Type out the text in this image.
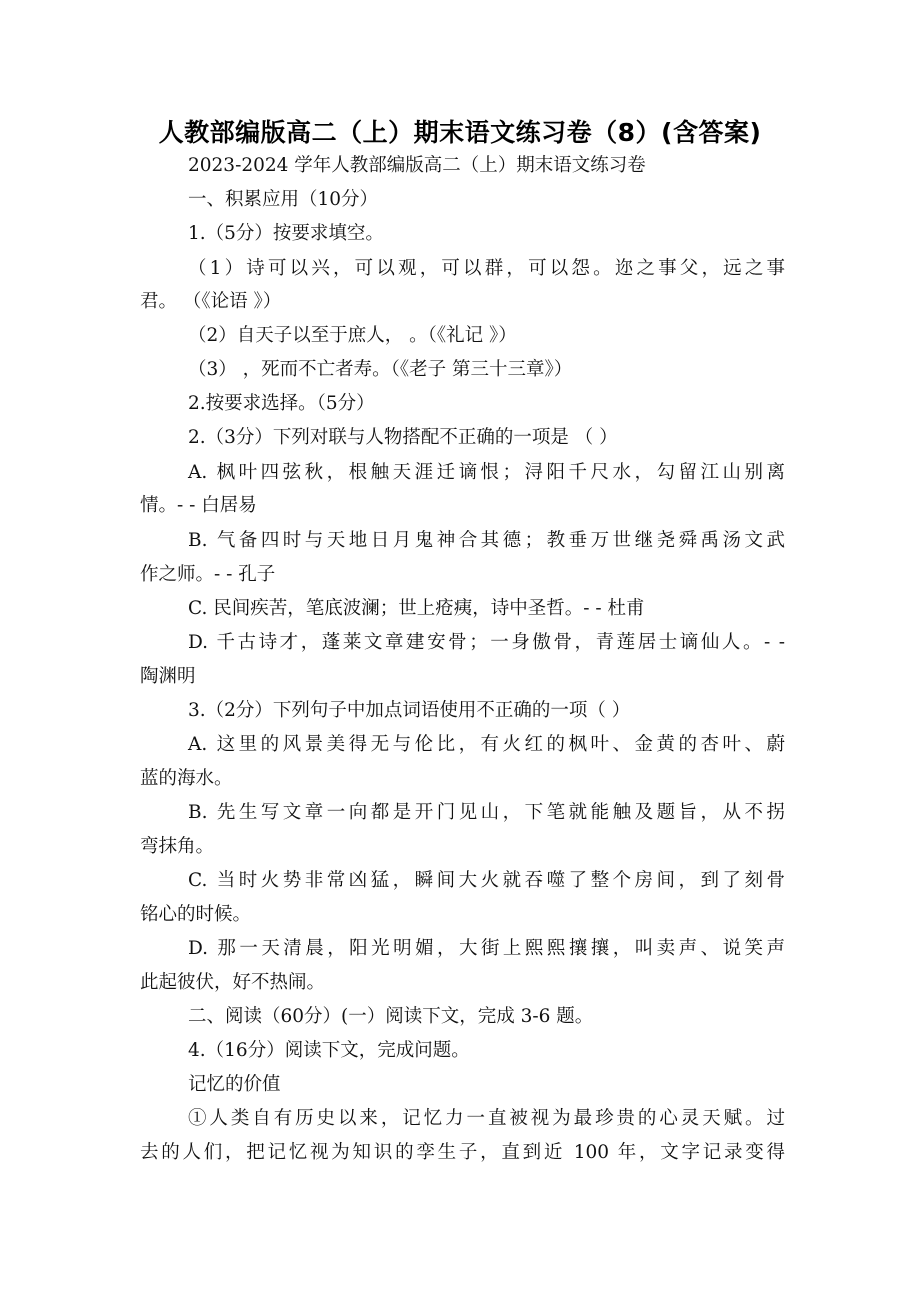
人教部编版高二（上）期末语文练习卷（8）(含答案)
2023-2024 学年人教部编版高二（上）期末语文练习卷
一、积累应用（10分）
1.（5分）按要求填空。
（1）诗可以兴，可以观，可以群，可以怨。迩之事父，远之事
君。 （《论语 》）
（2）自天子以至于庶人， 。（《礼记 》）
（3） ，死而不亡者寿。（《老子 第三十三章》）
2.按要求选择。（5分）
2.（3分）下列对联与人物搭配不正确的一项是 （ ）
A. 枫叶四弦秋，根触天涯迁谪恨；浔阳千尺水，勾留江山别离
情。- - 白居易
B. 气备四时与天地日月鬼神合其德；教垂万世继尧舜禹汤文武
作之师。- - 孔子
C. 民间疾苦，笔底波澜；世上疮痍，诗中圣哲。- - 杜甫
D. 千古诗才，蓬莱文章建安骨；一身傲骨，青莲居士谪仙人。- -
陶渊明
3.（2分）下列句子中加点词语使用不正确的一项（ ）
A. 这里的风景美得无与伦比，有火红的枫叶、金黄的杏叶、蔚
蓝的海水。
B. 先生写文章一向都是开门见山，下笔就能触及题旨，从不拐
弯抹角。
C. 当时火势非常凶猛，瞬间大火就吞噬了整个房间，到了刻骨
铭心的时候。
D. 那一天清晨，阳光明媚，大街上熙熙攘攘，叫卖声、说笑声
此起彼伏，好不热闹。
二、阅读（60分）(一）阅读下文，完成 3-6 题。
4.（16分）阅读下文，完成问题。
记忆的价值
①人类自有历史以来，记忆力一直被视为最珍贵的心灵天赋。过
去的人们，把记忆视为知识的孪生子，直到近 100 年，文字记录变得
